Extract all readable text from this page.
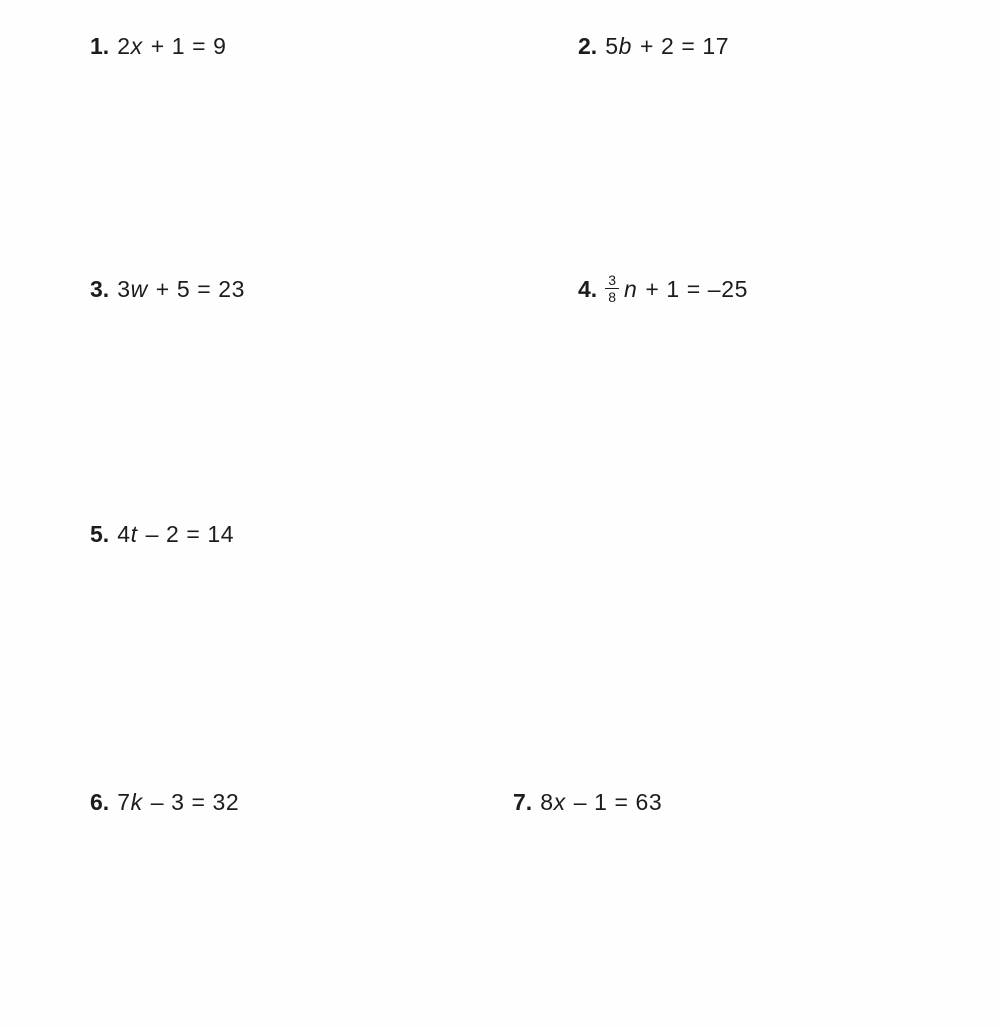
1. 2 x + 1 = 9	2. 5 b + 2 = 17
3. 3 w + 5 = 23	4. $\frac{3}{8}$ n + 1 = –25
5. 4 t – 2 = 14
6. 7 k – 3 = 32	7. 8 x – 1 = 63
